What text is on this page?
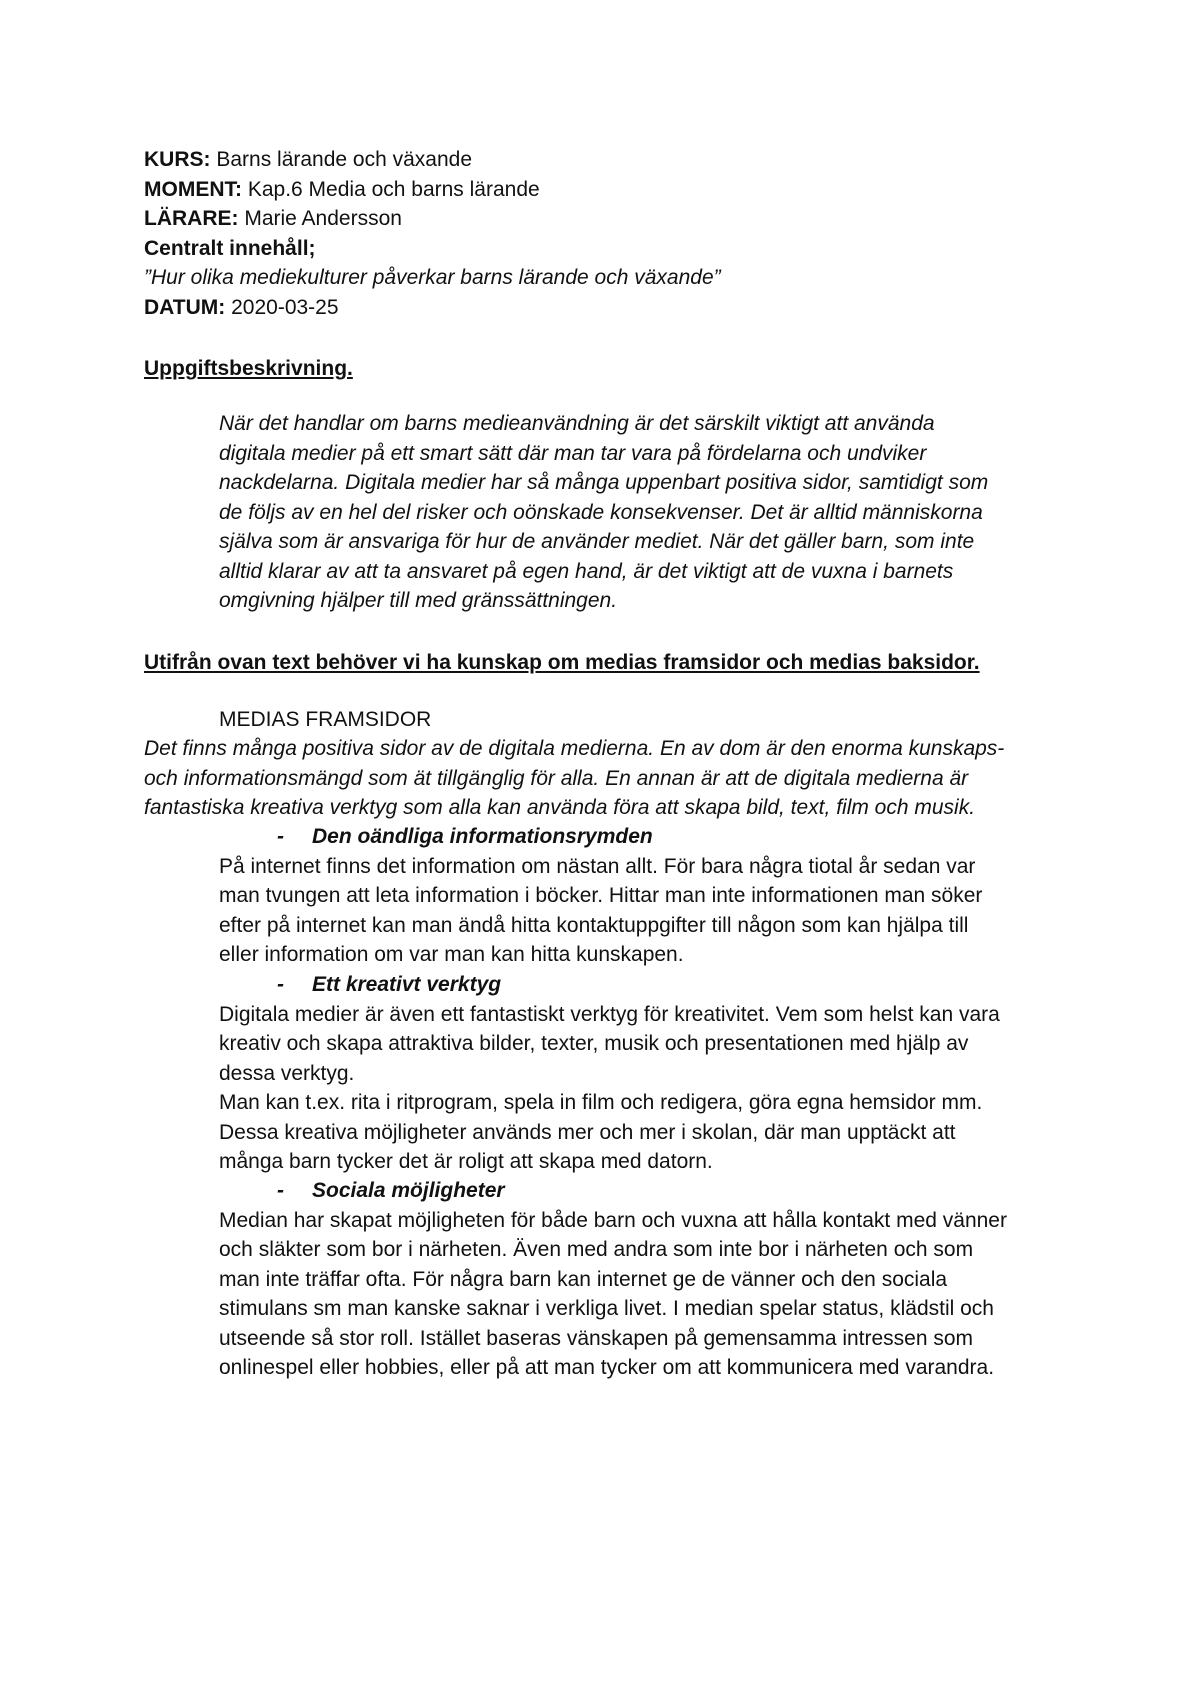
KURS: Barns lärande och växande
MOMENT: Kap.6 Media och barns lärande
LÄRARE: Marie Andersson
Centralt innehåll;
”Hur olika mediekulturer påverkar barns lärande och växande”
DATUM: 2020-03-25
Uppgiftsbeskrivning.
När det handlar om barns medieanvändning är det särskilt viktigt att använda
digitala medier på ett smart sätt där man tar vara på fördelarna och undviker
nackdelarna. Digitala medier har så många uppenbart positiva sidor, samtidigt som
de följs av en hel del risker och oönskade konsekvenser. Det är alltid människorna
själva som är ansvariga för hur de använder mediet. När det gäller barn, som inte
alltid klarar av att ta ansvaret på egen hand, är det viktigt att de vuxna i barnets
omgivning hjälper till med gränssättningen.
Utifrån ovan text behöver vi ha kunskap om medias framsidor och medias baksidor.
MEDIAS FRAMSIDOR
Det finns många positiva sidor av de digitala medierna. En av dom är den enorma kunskaps-
och informationsmängd som ät tillgänglig för alla. En annan är att de digitala medierna är
fantastiska kreativa verktyg som alla kan använda föra att skapa bild, text, film och musik.
- Den oändliga informationsrymden
På internet finns det information om nästan allt. För bara några tiotal år sedan var
man tvungen att leta information i böcker. Hittar man inte informationen man söker
efter på internet kan man ändå hitta kontaktuppgifter till någon som kan hjälpa till
eller information om var man kan hitta kunskapen.
- Ett kreativt verktyg
Digitala medier är även ett fantastiskt verktyg för kreativitet. Vem som helst kan vara
kreativ och skapa attraktiva bilder, texter, musik och presentationen med hjälp av
dessa verktyg.
Man kan t.ex. rita i ritprogram, spela in film och redigera, göra egna hemsidor mm.
Dessa kreativa möjligheter används mer och mer i skolan, där man upptäckt att
många barn tycker det är roligt att skapa med datorn.
- Sociala möjligheter
Median har skapat möjligheten för både barn och vuxna att hålla kontakt med vänner
och släkter som bor i närheten. Även med andra som inte bor i närheten och som
man inte träffar ofta. För några barn kan internet ge de vänner och den sociala
stimulans sm man kanske saknar i verkliga livet. I median spelar status, klädstil och
utseende så stor roll. Istället baseras vänskapen på gemensamma intressen som
onlinespel eller hobbies, eller på att man tycker om att kommunicera med varandra.
